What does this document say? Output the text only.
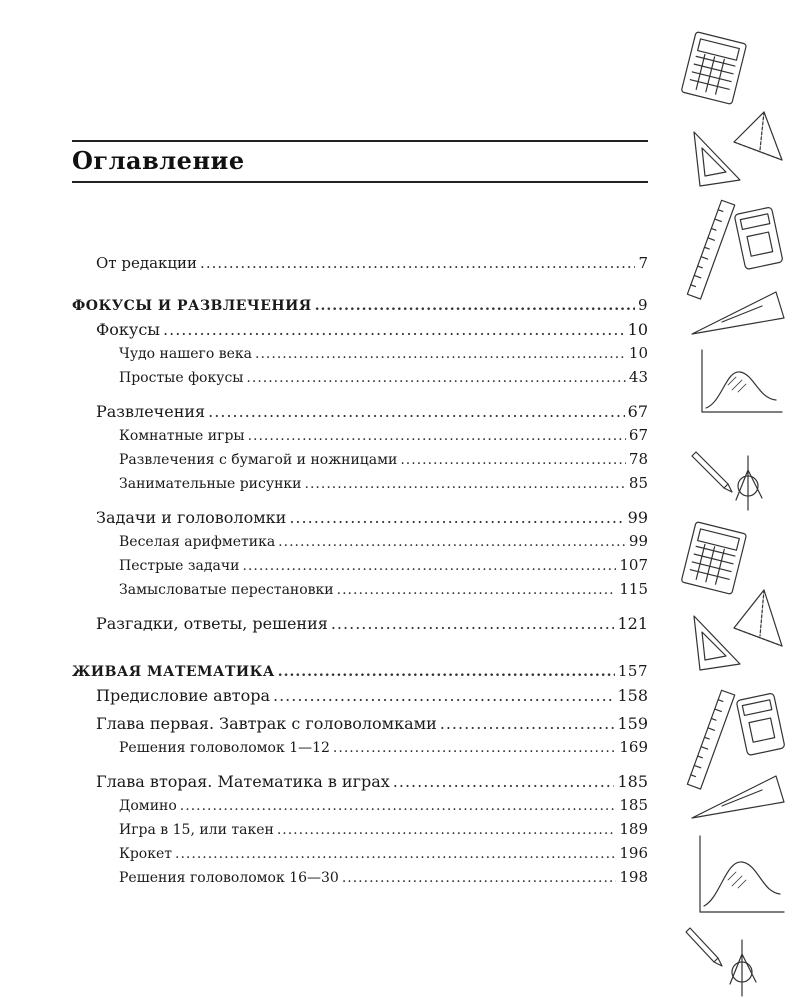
Оглавление
От редакции .....	7
ФОКУСЫ И РАЗВЛЕЧЕНИЯ .....	9
Фокусы .....	10
Чудо нашего века .....	10
Простые фокусы .....	43
Развлечения .....	67
Комнатные игры .....	67
Развлечения с бумагой и ножницами .....	78
Занимательные рисунки .....	85
Задачи и головоломки .....	99
Веселая арифметика .....	99
Пестрые задачи .....	107
Замысловатые перестановки .....	115
Разгадки, ответы, решения .....	121
ЖИВАЯ МАТЕМАТИКА .....	157
Предисловие автора .....	158
Глава первая. Завтрак с головоломками .....	159
Решения головоломок 1—12 .....	169
Глава вторая. Математика в играх .....	185
Домино .....	185
Игра в 15, или такен .....	189
Крокет .....	196
Решения головоломок 16—30 .....	198
